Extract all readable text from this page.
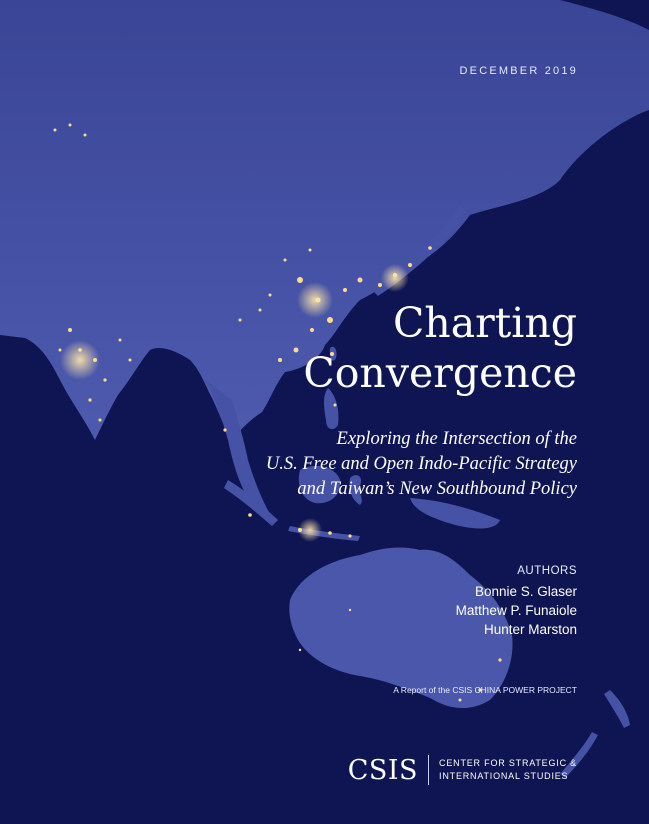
DECEMBER 2019
Charting
Convergence
Exploring the Intersection of the
U.S. Free and Open Indo-Pacific Strategy
and Taiwan’s New Southbound Policy
AUTHORS
Bonnie S. Glaser
Matthew P. Funaiole
Hunter Marston
A Report of the CSIS CHINA POWER PROJECT
CSIS CENTER FOR STRATEGIC &
INTERNATIONAL STUDIES
